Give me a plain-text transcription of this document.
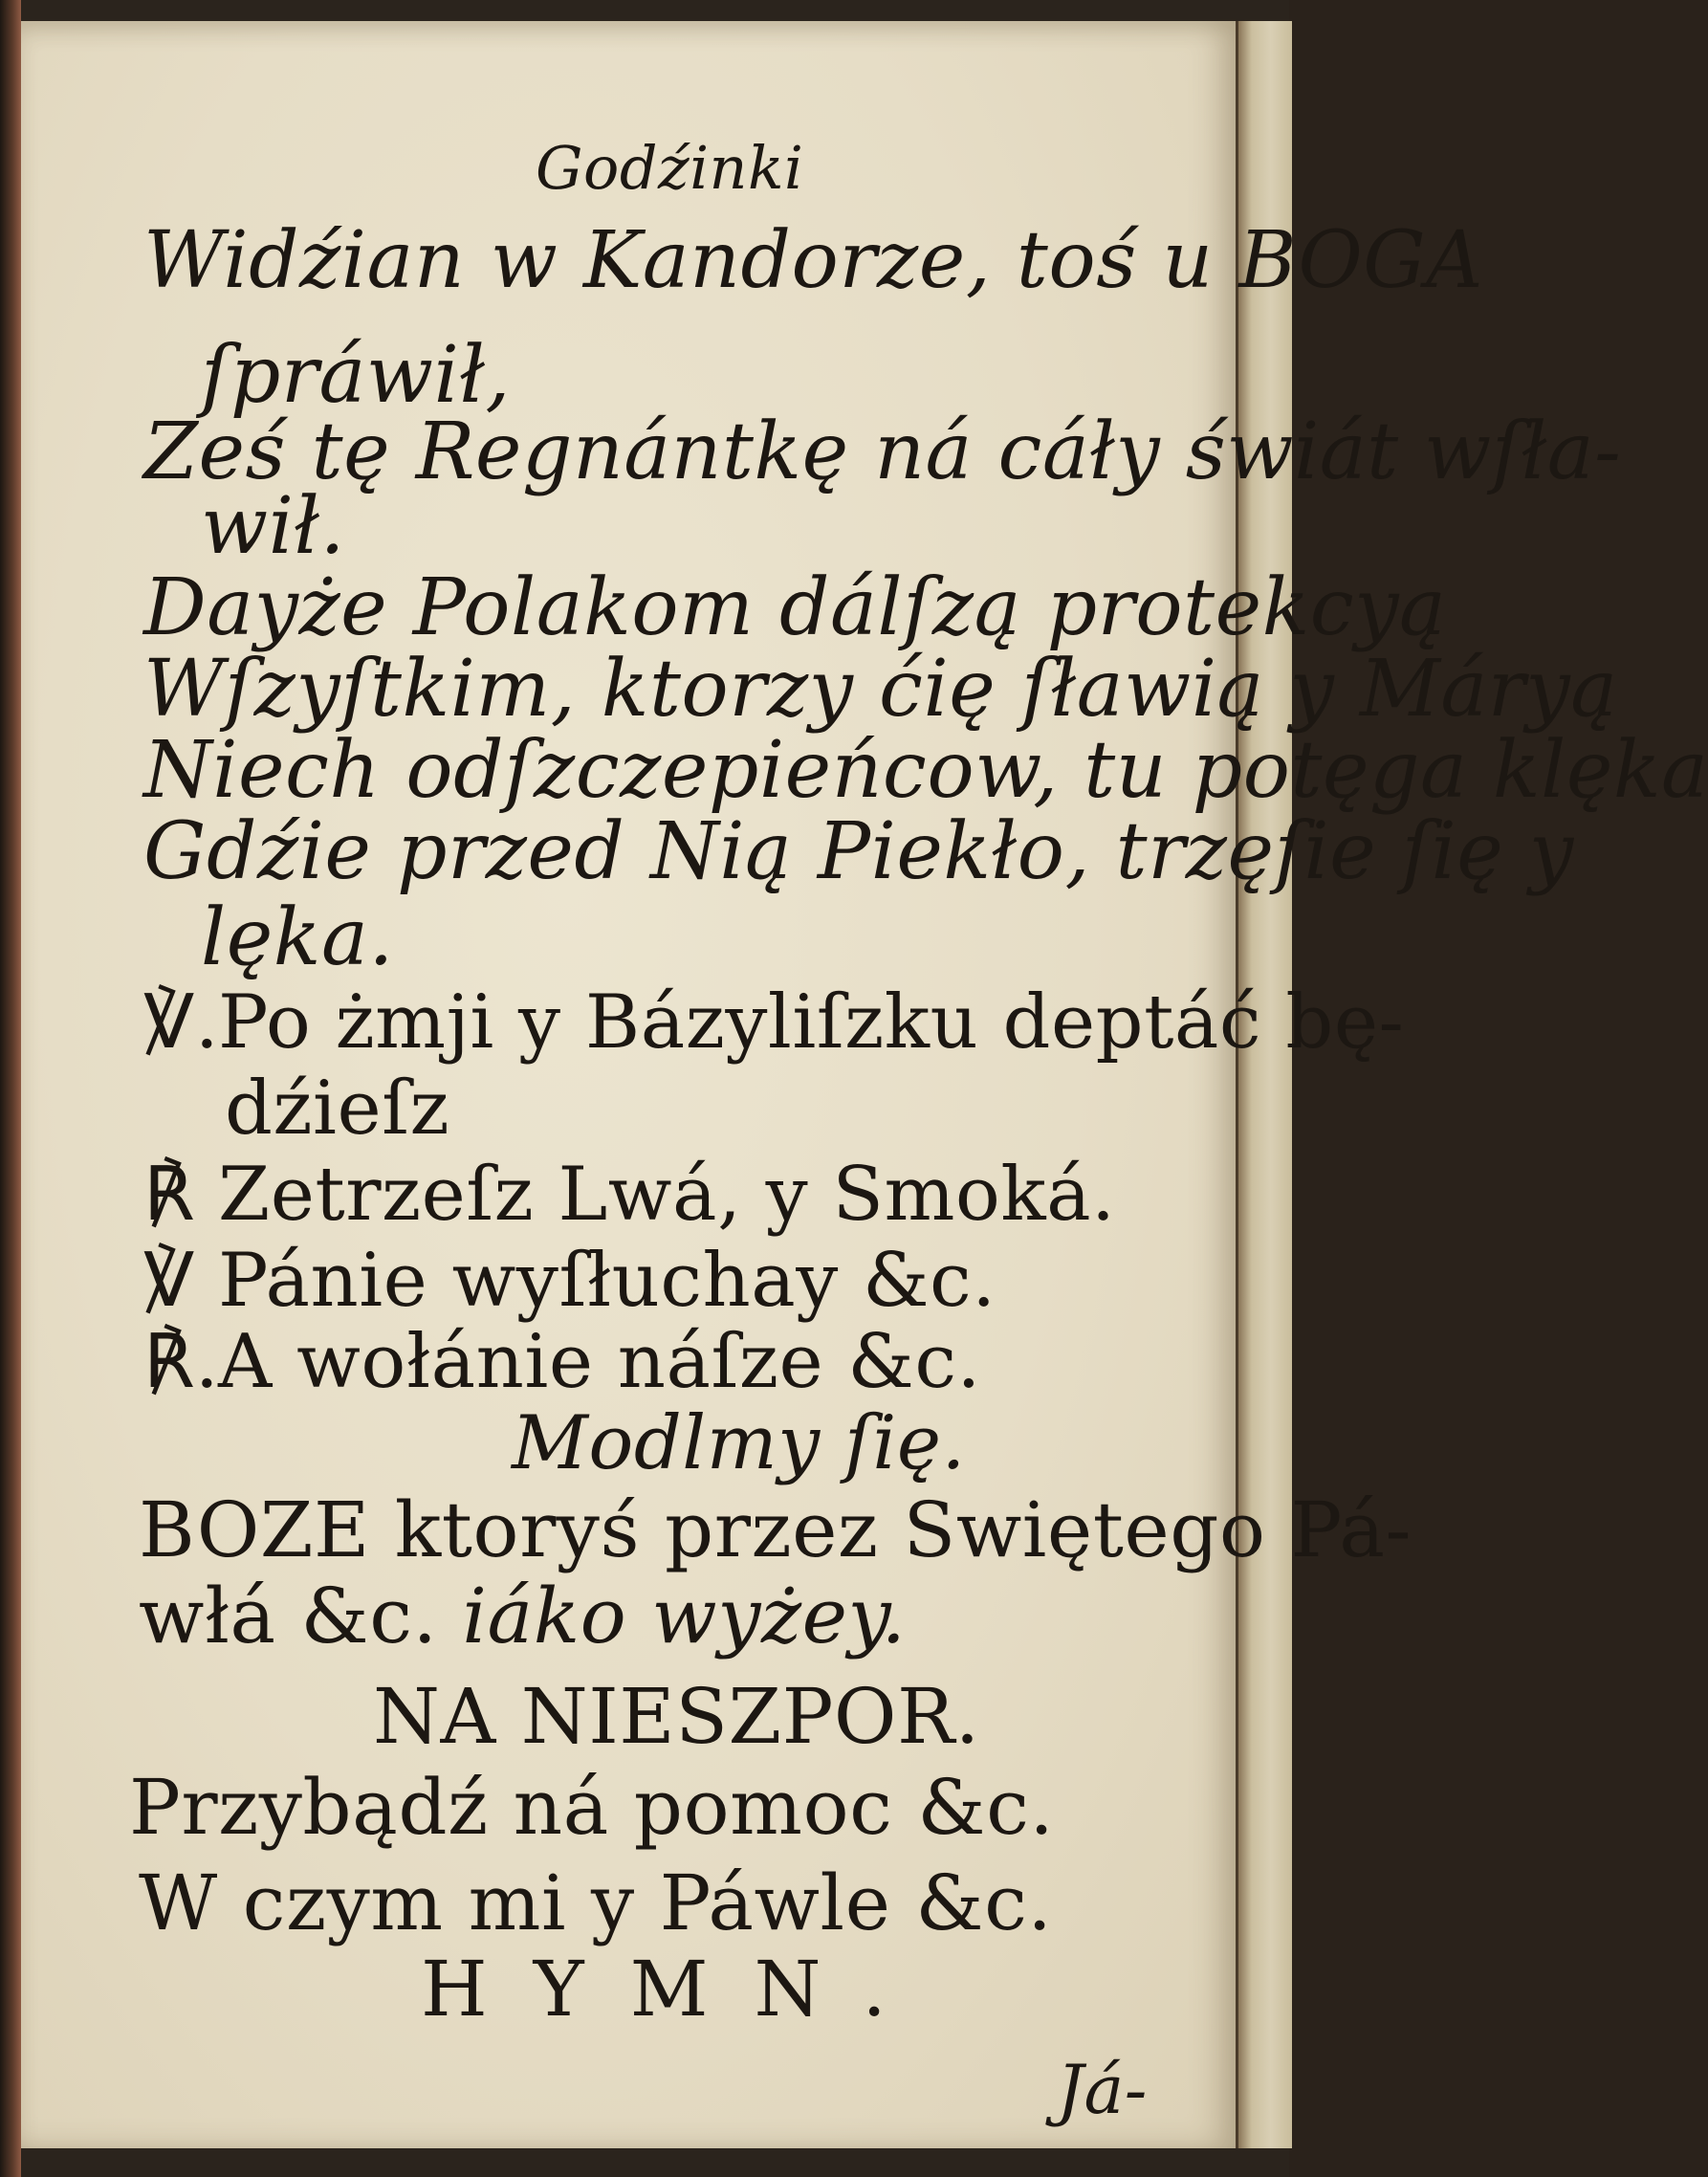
Godźinki
Widźian w Kandorze, toś u BOGA
ſpráwił,
Ześ tę Regnántkę ná cáły świát wſła-
wił.
Dayże Polakom dálſzą protekcyą
Wſzyſtkim, ktorzy ćię ſławią y Máryą
Niech odſzczepieńcow, tu potęga klęka
Gdźie przed Nią Piekło, trzęſie ſię y
lęka.
℣.Po żmji y Bázyliſzku deptáć bę-
dźieſz
℟ Zetrzeſz Lwá, y Smoká.
℣ Pánie wyſłuchay &c.
℟.A wołánie náſze &c.
Modlmy ſię.
BOZE ktoryś przez Swiętego Pá-
włá &c. iáko wyżey.
NA NIESZPOR.
Przybądź ná pomoc &c.
W czym mi y Páwle &c.
HYMN.
Já-
